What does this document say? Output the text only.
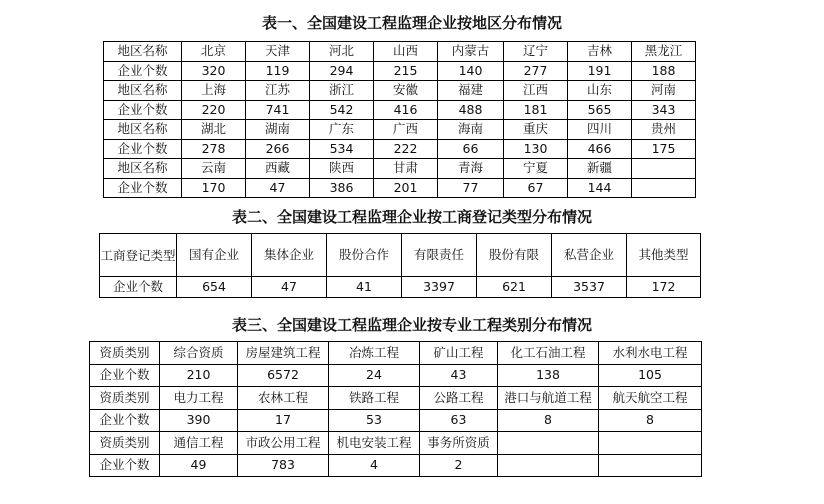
表一、全国建设工程监理企业按地区分布情况
地区名称	北京	天津	河北	山西	内蒙古	辽宁	吉林	黑龙江
企业个数	320	119	294	215	140	277	191	188
地区名称	上海	江苏	浙江	安徽	福建	江西	山东	河南
企业个数	220	741	542	416	488	181	565	343
地区名称	湖北	湖南	广东	广西	海南	重庆	四川	贵州
企业个数	278	266	534	222	66	130	466	175
地区名称	云南	西藏	陕西	甘肃	青海	宁夏	新疆	
企业个数	170	47	386	201	77	67	144	
表二、全国建设工程监理企业按工商登记类型分布情况
工商登记类型	国有企业	集体企业	股份合作	有限责任	股份有限	私营企业	其他类型
企业个数	654	47	41	3397	621	3537	172
表三、全国建设工程监理企业按专业工程类别分布情况
资质类别	综合资质	房屋建筑工程	冶炼工程	矿山工程	化工石油工程	水利水电工程
企业个数	210	6572	24	43	138	105
资质类别	电力工程	农林工程	铁路工程	公路工程	港口与航道工程	航天航空工程
企业个数	390	17	53	63	8	8
资质类别	通信工程	市政公用工程	机电安装工程	事务所资质		
企业个数	49	783	4	2		
